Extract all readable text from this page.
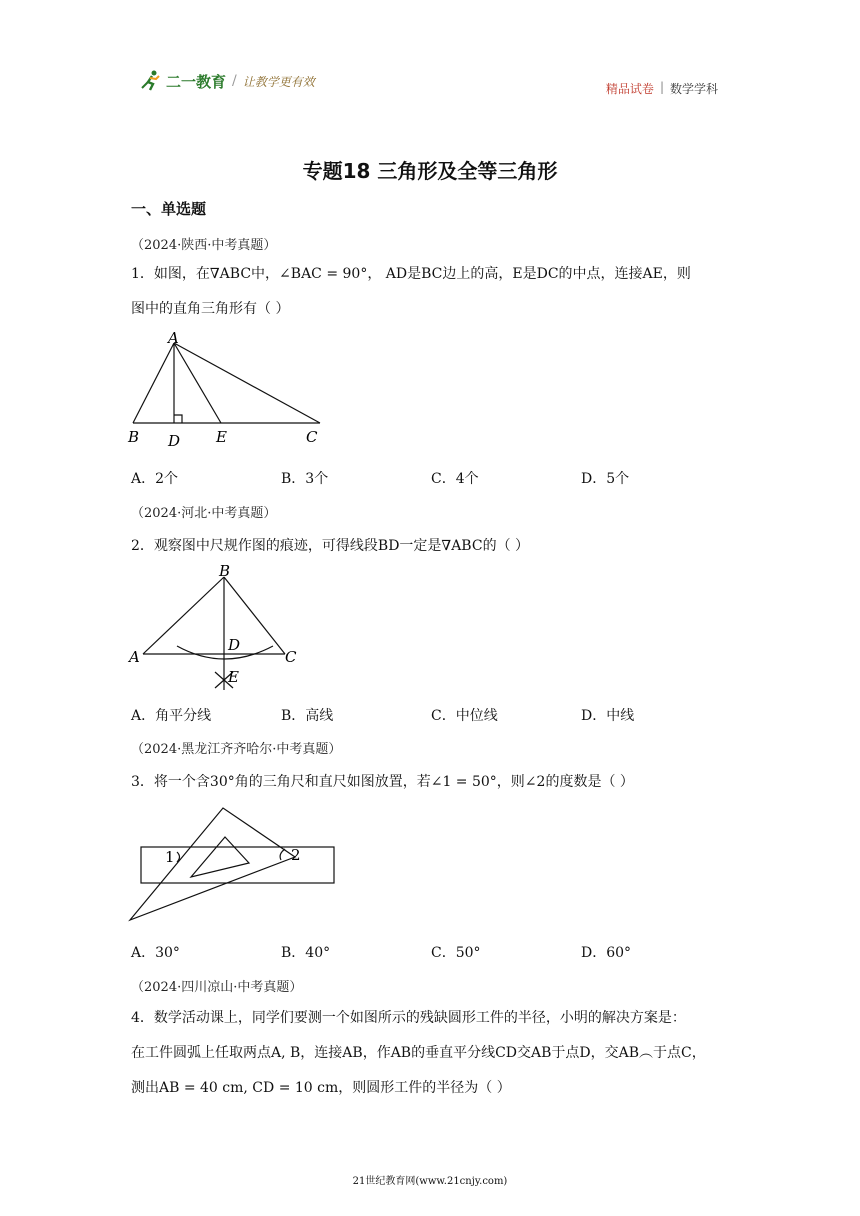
二一教育 / 让教学更有效
精品试卷 | 数学学科
专题18 三角形及全等三角形
一、单选题
（2024·陕西·中考真题）
1．如图，在∇ABC中，∠BAC = 90°， AD是BC边上的高，E是DC的中点，连接AE，则
图中的直角三角形有（ ）
A
B D E	C
A．2个	B．3个	C．4个	D．5个
（2024·河北·中考真题）
2．观察图中尺规作图的痕迹，可得线段BD一定是∇ABC的（ ）
B
A
D
C
E
A．角平分线	B．高线	C．中位线	D．中线
（2024·黑龙江齐齐哈尔·中考真题）
3．将一个含30°角的三角尺和直尺如图放置，若∠1 = 50°，则∠2的度数是（ ）
1	2
A．30°	B．40°	C．50°	D．60°
（2024·四川凉山·中考真题）
4．数学活动课上，同学们要测一个如图所示的残缺圆形工件的半径，小明的解决方案是：
在工件圆弧上任取两点A, B，连接AB，作AB的垂直平分线CD交AB于点D，交AB︵于点C，
测出AB = 40 cm, CD = 10 cm，则圆形工件的半径为（ ）
21世纪教育网(www.21cnjy.com)
